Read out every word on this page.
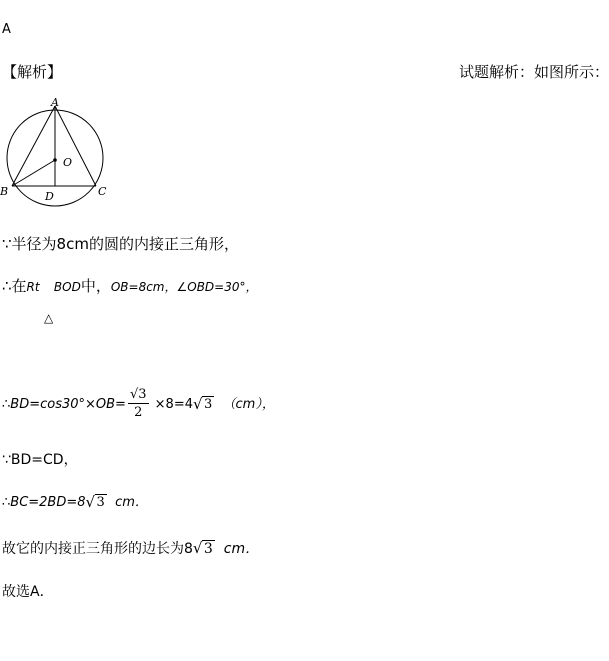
A
【解析】	试题解析：如图所示：
A
B	C
D
O
∵半径为8cm的圆的内接正三角形，
∴在Rt BOD中，OB=8cm，∠OBD=30°，
△
∴BD=cos30°×OB= $\frac{√3}{2} \times 8=4$ √ 3 （cm），
∵BD=CD，
∴BC=2BD=8 √ 3 cm．
故它的内接正三角形的边长为8 √ 3 cm．
故选A．
